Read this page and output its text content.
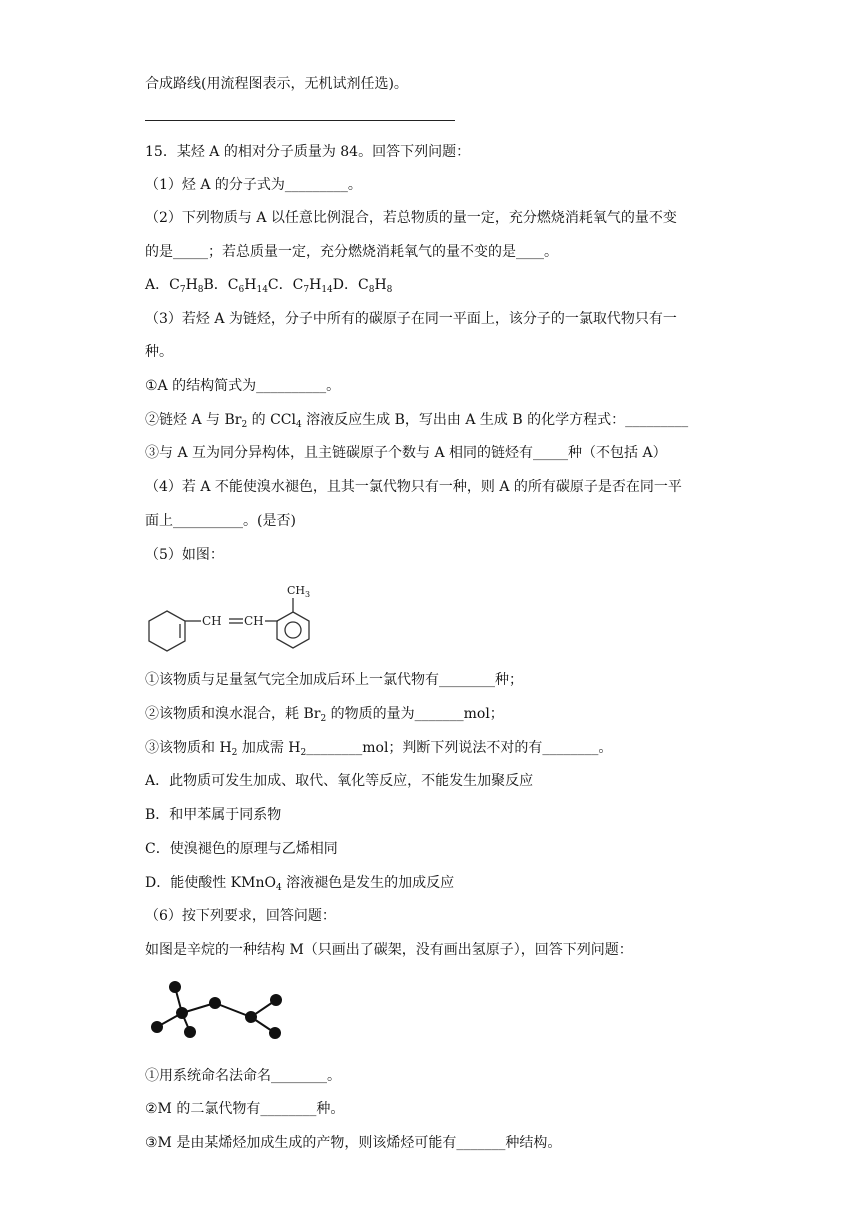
合成路线(用流程图表示，无机试剂任选)。
15．某烃 A 的相对分子质量为 84。回答下列问题：
（1）烃 A 的分子式为_________。
（2）下列物质与 A 以任意比例混合，若总物质的量一定，充分燃烧消耗氧气的量不变
的是_____；若总质量一定，充分燃烧消耗氧气的量不变的是____。
A．$C_7H_8B$．$C_6H_{14}C$．$C_7H_{14}D$．$C_8H_8$
（3）若烃 A 为链烃，分子中所有的碳原子在同一平面上，该分子的一氯取代物只有一
种。
①A 的结构简式为__________。
②链烃 A 与 $Br_2$ 的 CCl$_4$ 溶液反应生成 B，写出由 A 生成 B 的化学方程式：_________
③与 A 互为同分异构体，且主链碳原子个数与 A 相同的链烃有_____种（不包括 A）
（4）若 A 不能使溴水褪色，且其一氯代物只有一种，则 A 的所有碳原子是否在同一平
面上__________。(是否)
（5）如图：
CH CH
$CH_3$
①该物质与足量氢气完全加成后环上一氯代物有________种；
②该物质和溴水混合，耗 $Br_2$ 的物质的量为_______mol；
③该物质和 $H_2$ 加成需 $H_2\_\_\_\_\_\_\_\_mol$；判断下列说法不对的有________。
A．此物质可发生加成、取代、氧化等反应，不能发生加聚反应
B．和甲苯属于同系物
C．使溴褪色的原理与乙烯相同
D．能使酸性 KMnO$_4$ 溶液褪色是发生的加成反应
（6）按下列要求，回答问题：
如图是辛烷的一种结构 M（只画出了碳架，没有画出氢原子），回答下列问题：
①用系统命名法命名________。
②M 的二氯代物有________种。
③M 是由某烯烃加成生成的产物，则该烯烃可能有_______种结构。
